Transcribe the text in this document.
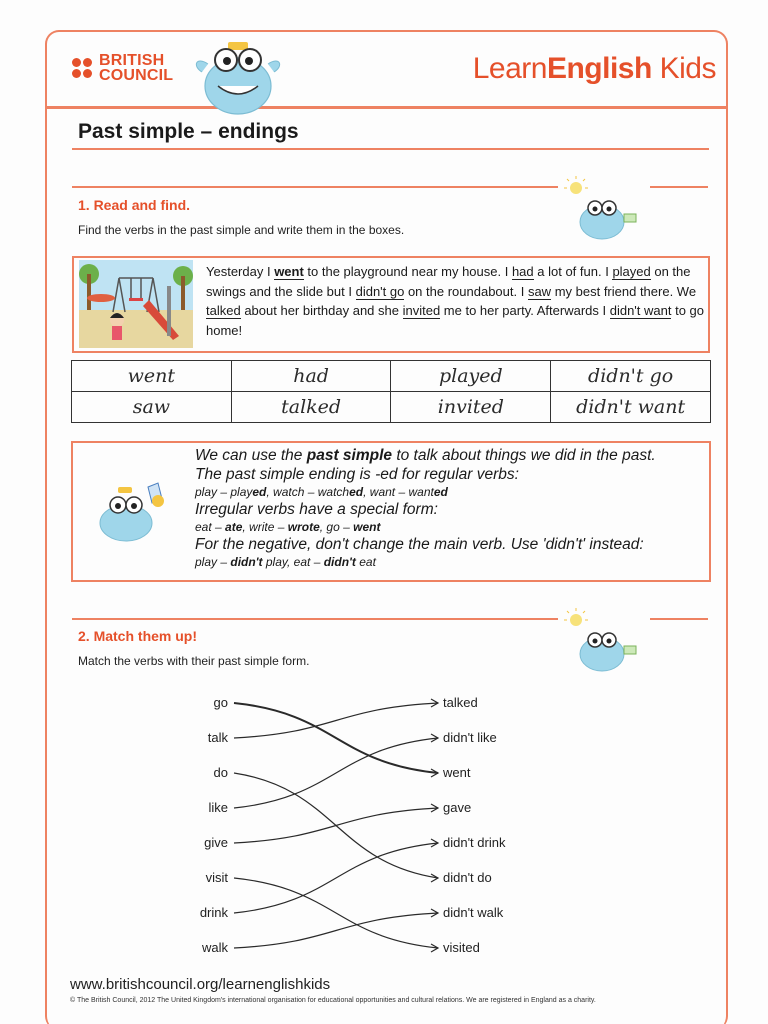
BRITISH
COUNCIL	LearnEnglish Kids
Past simple – endings
1. Read and find.
Find the verbs in the past simple and write them in the boxes.
Yesterday I went to the playground near my house. I had a lot of fun. I played on the swings and the slide but I didn't go on the roundabout. I saw my best friend there. We talked about her birthday and she invited me to her party. Afterwards I didn't want to go home!
went	had	played	didn't go
saw	talked	invited	didn't want
We can use the past simple to talk about things we did in the past.
The past simple ending is -ed for regular verbs:
play – played, watch – watched, want – wanted
Irregular verbs have a special form:
eat – ate, write – wrote, go – went
For the negative, don't change the main verb. Use 'didn't' instead:
play – didn't play, eat – didn't eat
2. Match them up!
Match the verbs with their past simple form.
go
talk
do
like
give
visit
drink
walk
talked
didn't like
went
gave
didn't drink
didn't do
didn't walk
visited
www.britishcouncil.org/learnenglishkids
© The British Council, 2012 The United Kingdom's international organisation for educational opportunities and cultural relations. We are registered in England as a charity.
